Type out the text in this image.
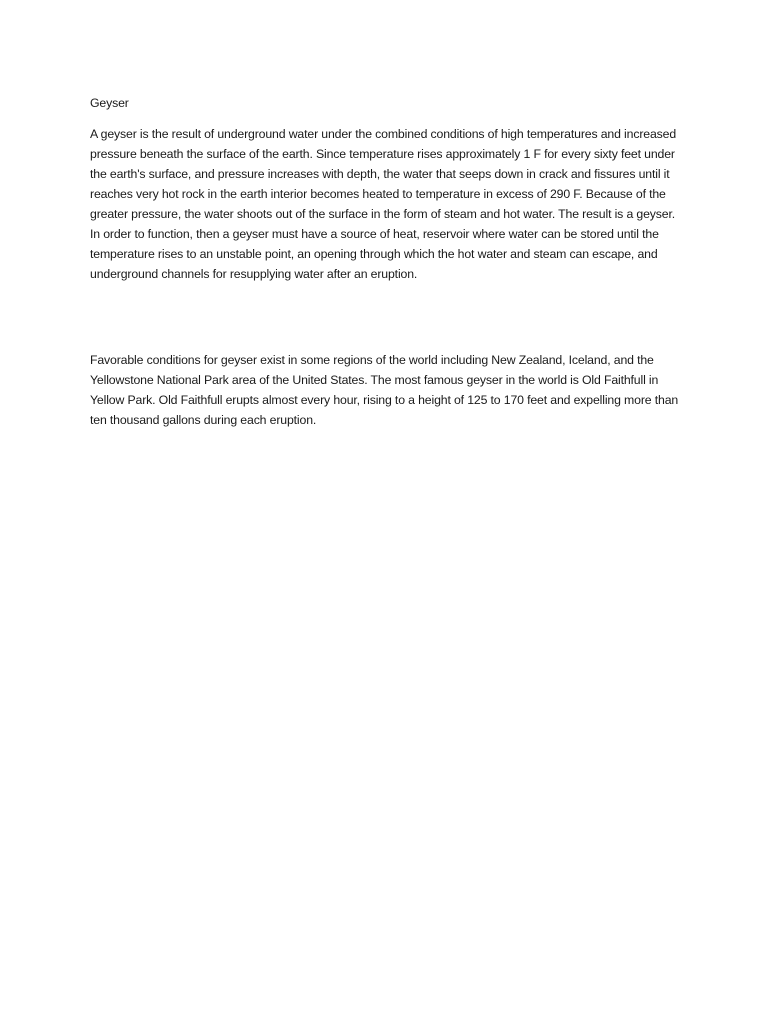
Geyser

A geyser is the result of underground water under the combined conditions of high temperatures and increased pressure beneath the surface of the earth. Since temperature rises approximately 1 F for every sixty feet under the earth's surface, and pressure increases with depth, the water that seeps down in crack and fissures until it reaches very hot rock in the earth interior becomes heated to temperature in excess of 290 F. Because of the greater pressure, the water shoots out of the surface in the form of steam and hot water. The result is a geyser. In order to function, then a geyser must have a source of heat, reservoir where water can be stored until the temperature rises to an unstable point, an opening through which the hot water and steam can escape, and underground channels for resupplying water after an eruption.

Favorable conditions for geyser exist in some regions of the world including New Zealand, Iceland, and the Yellowstone National Park area of the United States. The most famous geyser in the world is Old Faithfull in Yellow Park. Old Faithfull erupts almost every hour, rising to a height of 125 to 170 feet and expelling more than ten thousand gallons during each eruption.
